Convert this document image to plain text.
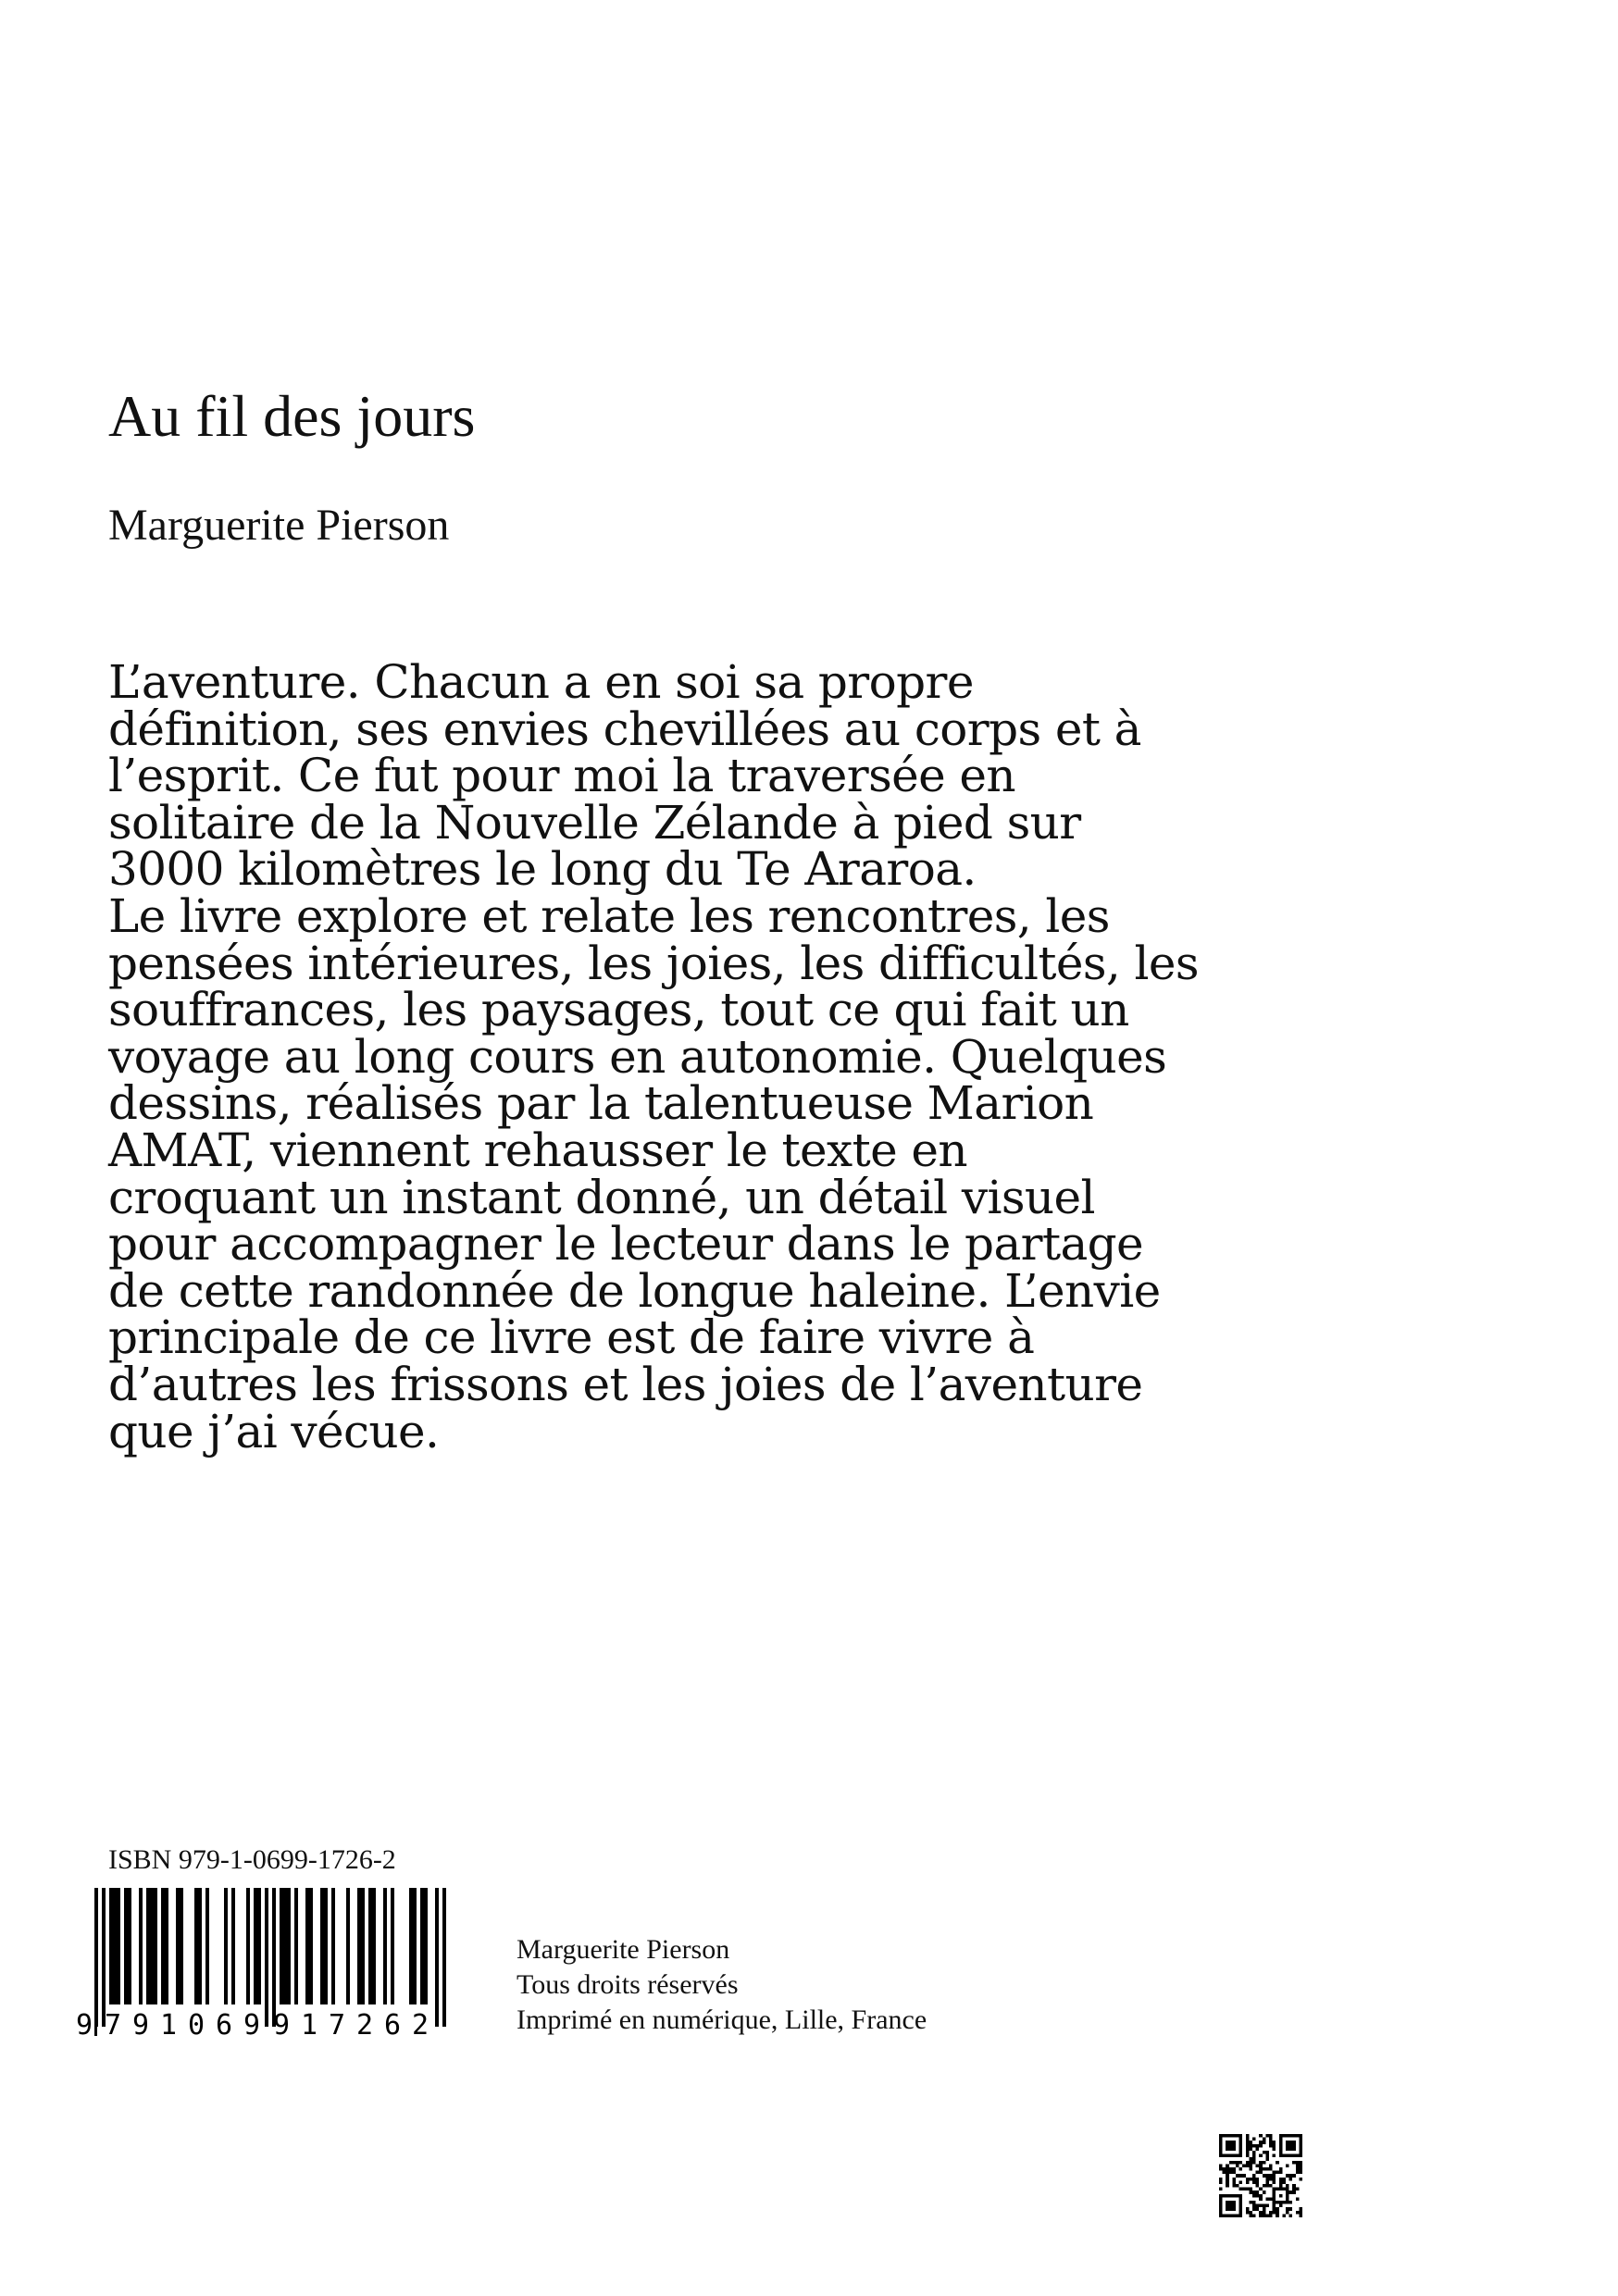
Au fil des jours
Marguerite Pierson
L’aventure. Chacun a en soi sa propre
définition, ses envies chevillées au corps et à
l’esprit. Ce fut pour moi la traversée en
solitaire de la Nouvelle Zélande à pied sur
3000 kilomètres le long du Te Araroa.
Le livre explore et relate les rencontres, les
pensées intérieures, les joies, les difficultés, les
souffrances, les paysages, tout ce qui fait un
voyage au long cours en autonomie. Quelques
dessins, réalisés par la talentueuse Marion
AMAT, viennent rehausser le texte en
croquant un instant donné, un détail visuel
pour accompagner le lecteur dans le partage
de cette randonnée de longue haleine. L’envie
principale de ce livre est de faire vivre à
d’autres les frissons et les joies de l’aventure
que j’ai vécue.
ISBN 979-1-0699-1726-2
9 791069 917262
Marguerite Pierson
Tous droits réservés
Imprimé en numérique, Lille, France
